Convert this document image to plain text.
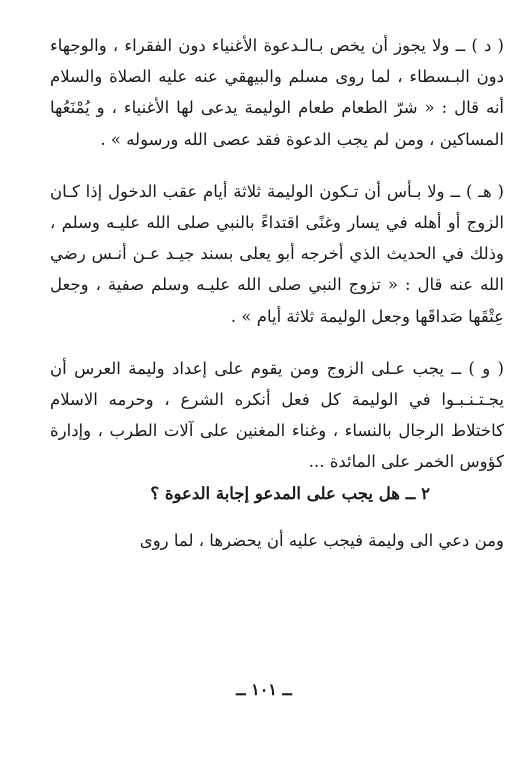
( د ) ــ ولا يجوز أن يخص بـالـدعوة الأغنياء دون الفقراء ، والوجهاء دون البـسطاء ، لما روى مسلم والبيهقي عنه عليه الصلاة والسلام أنه قال : « شرّ الطعام طعام الوليمة يدعى لها الأغنياء ، و يُمْنَعُها المساكين ، ومن لم يجب الدعوة فقد عصى الله ورسوله » .

( هـ ) ــ ولا بـأس أن تـكون الوليمة ثلاثة أيام عقب الدخول إذا كـان الزوج أو أهله في يسار وغنًى اقتداءً بالنبي صلى الله عليـه وسلم ، وذلك في الحديث الذي أخرجه أبو يعلى بسند جيـد عـن أنـس رضي الله عنه قال : « تزوج النبي صلى الله عليـه وسلم صفية ، وجعل عِتْقَها صَداقَها وجعل الوليمة ثلاثة أيام » .

( و ) ــ يجب عـلى الزوج ومن يقوم على إعداد وليمة العرس أن يجـتـنـبـوا في الوليمة كل فعل أنكره الشرع ، وحرمه الاسلام كاختلاط الرجال بالنساء ، وغناء المغنين على آلات الطرب ، وإدارة كؤوس الخمر على المائدة ...

٢ ــ هل يجب على المدعو إجابة الدعوة ؟

ومن دعي الى وليمة فيجب عليه أن يحضرها ، لما روى

ــ ١٠١ ــ
